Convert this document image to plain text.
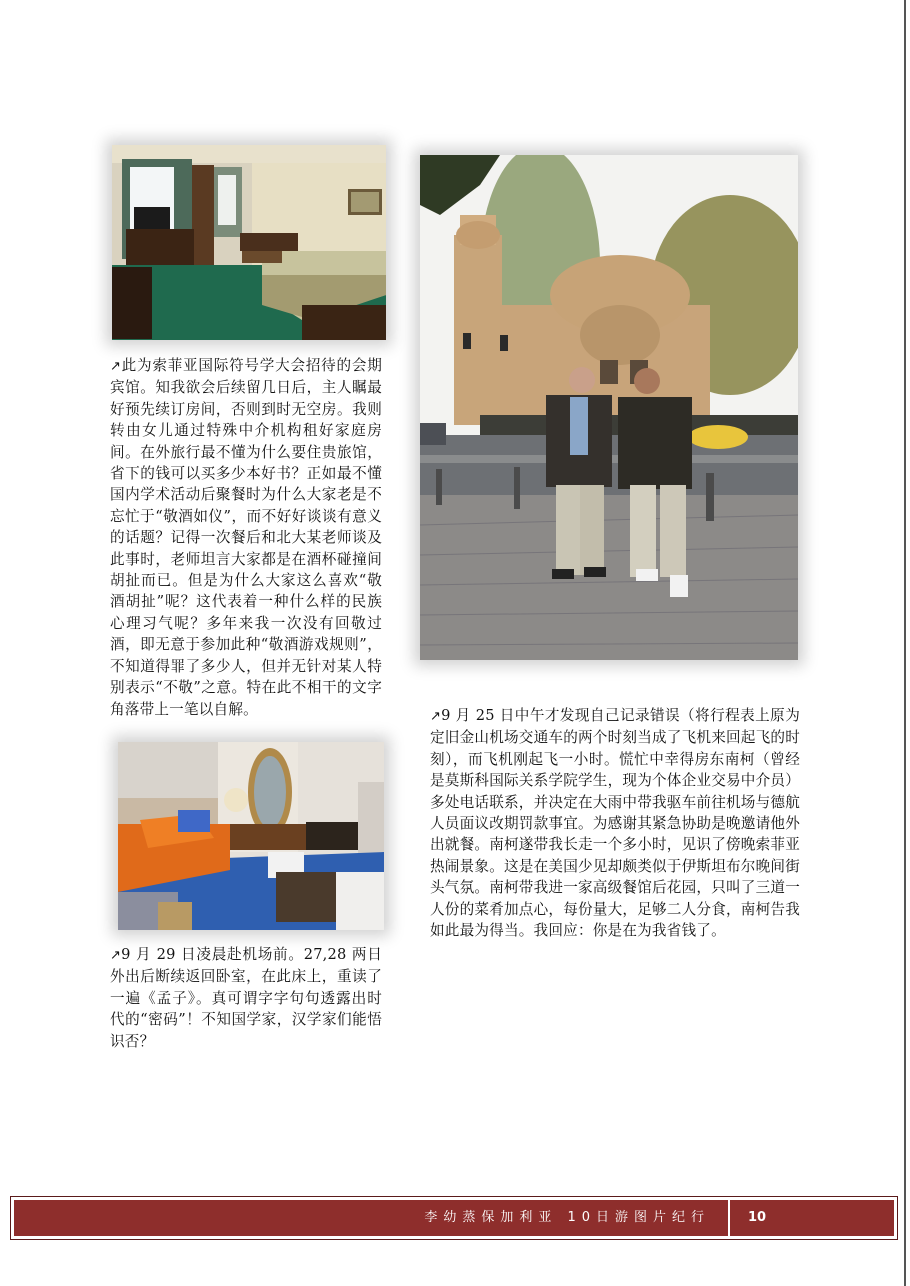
↗此为索菲亚国际符号学大会招待的会期宾馆。知我欲会后续留几日后，主人瞩最好预先续订房间，否则到时无空房。我则转由女儿通过特殊中介机构租好家庭房间。在外旅行最不懂为什么要住贵旅馆，省下的钱可以买多少本好书？正如最不懂国内学术活动后聚餐时为什么大家老是不忘忙于“敬酒如仪”，而不好好谈谈有意义的话题？记得一次餐后和北大某老师谈及此事时，老师坦言大家都是在酒杯碰撞间胡扯而已。但是为什么大家这么喜欢“敬酒胡扯”呢？这代表着一种什么样的民族心理习气呢？多年来我一次没有回敬过酒，即无意于参加此种“敬酒游戏规则”，不知道得罪了多少人，但并无针对某人特别表示“不敬”之意。特在此不相干的文字角落带上一笔以自解。
↗9 月 29 日凌晨赴机场前。27,28 两日外出后断续返回卧室，在此床上，重读了一遍《孟子》。真可谓字字句句透露出时代的“密码”！不知国学家，汉学家们能悟识否？
↗9 月 25 日中午才发现自己记录错误（将行程表上原为定旧金山机场交通车的两个时刻当成了飞机来回起飞的时刻），而飞机刚起飞一小时。慌忙中幸得房东南柯（曾经是莫斯科国际关系学院学生，现为个体企业交易中介员）多处电话联系，并决定在大雨中带我驱车前往机场与德航人员面议改期罚款事宜。为感谢其紧急协助是晚邀请他外出就餐。南柯遂带我长走一个多小时，见识了傍晚索菲亚热闹景象。这是在美国少见却颇类似于伊斯坦布尔晚间街头气氛。南柯带我进一家高级餐馆后花园，只叫了三道一人份的菜肴加点心，每份量大，足够二人分食，南柯告我如此最为得当。我回应：你是在为我省钱了。
李幼蒸保加利亚 10日游图片纪行	10
